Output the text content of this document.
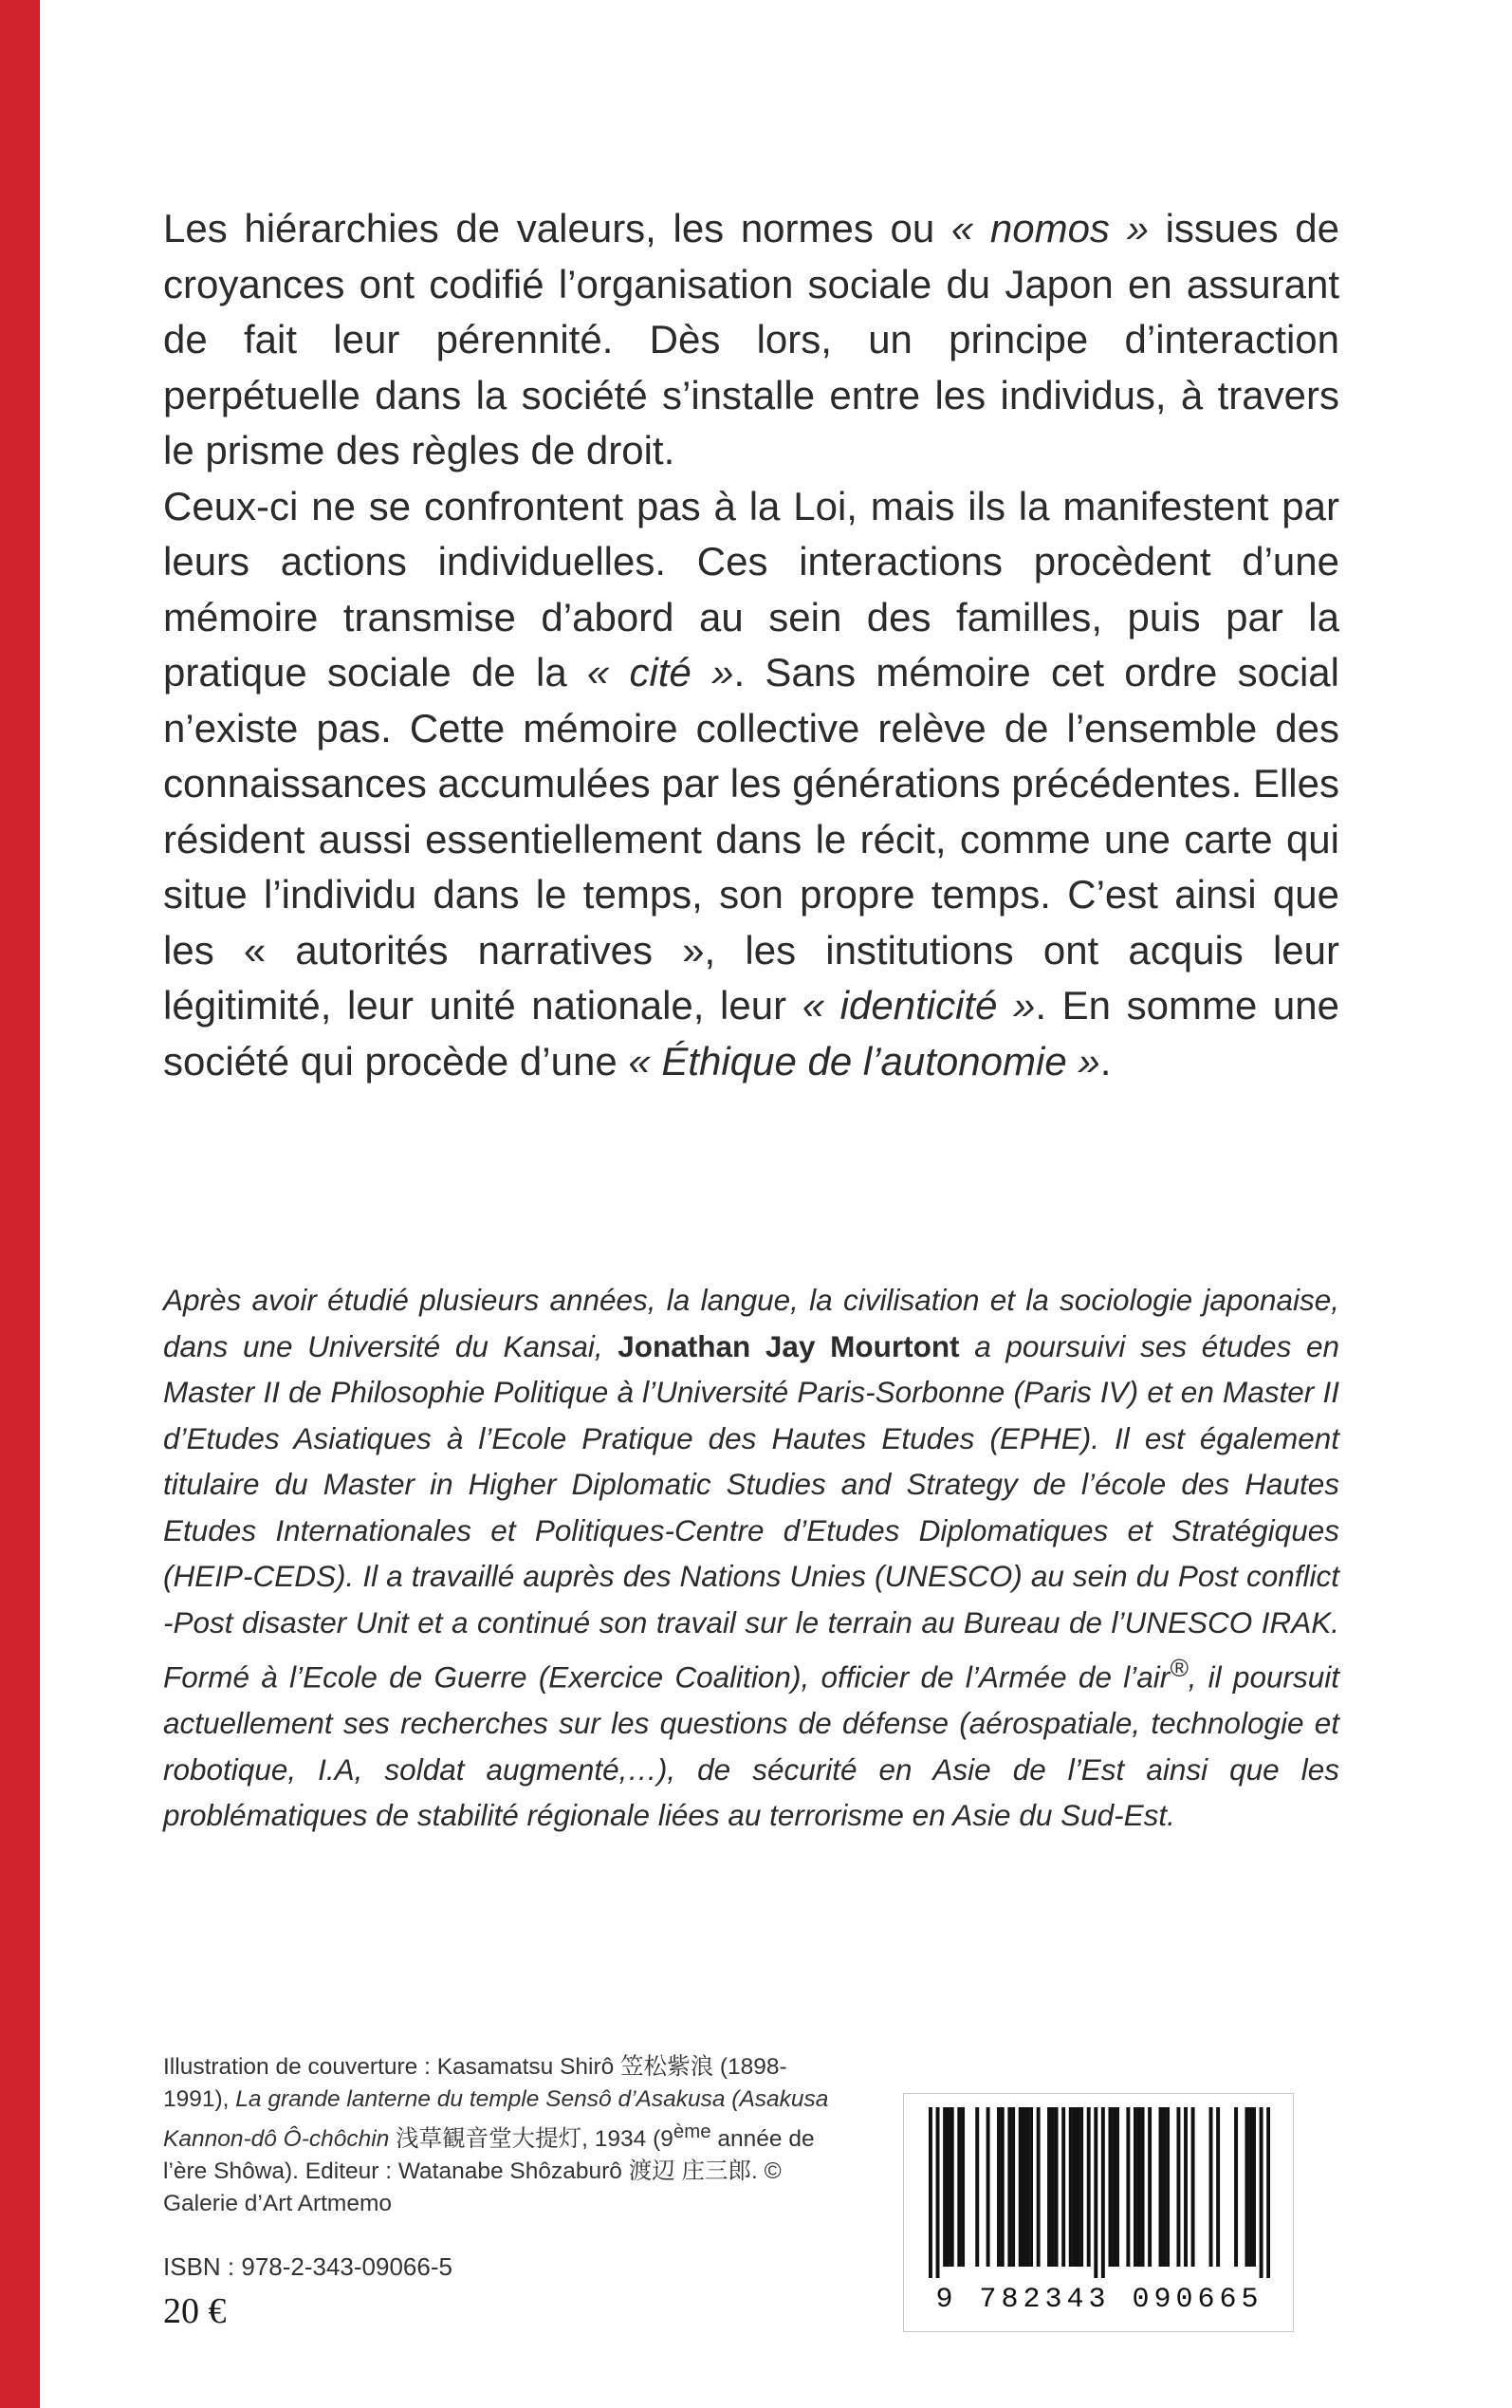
Les hiérarchies de valeurs, les normes ou « nomos » issues de croyances ont codifié l’organisation sociale du Japon en assurant de fait leur pérennité. Dès lors, un principe d’interaction perpétuelle dans la société s’installe entre les individus, à travers le prisme des règles de droit.

Ceux-ci ne se confrontent pas à la Loi, mais ils la manifestent par leurs actions individuelles. Ces interactions procèdent d’une mémoire transmise d’abord au sein des familles, puis par la pratique sociale de la « cité ». Sans mémoire cet ordre social n’existe pas. Cette mémoire collective relève de l’ensemble des connaissances accumulées par les générations précédentes. Elles résident aussi essentiellement dans le récit, comme une carte qui situe l’individu dans le temps, son propre temps. C’est ainsi que les « autorités narratives », les institutions ont acquis leur légitimité, leur unité nationale, leur « identicité ». En somme une société qui procède d’une « Éthique de l’autonomie ».

Après avoir étudié plusieurs années, la langue, la civilisation et la sociologie japonaise, dans une Université du Kansai, Jonathan Jay Mourtont a poursuivi ses études en Master II de Philosophie Politique à l’Université Paris-Sorbonne (Paris IV) et en Master II d’Etudes Asiatiques à l’Ecole Pratique des Hautes Etudes (EPHE). Il est également titulaire du Master in Higher Diplomatic Studies and Strategy de l’école des Hautes Etudes Internationales et Politiques-Centre d’Etudes Diplomatiques et Stratégiques (HEIP-CEDS). Il a travaillé auprès des Nations Unies (UNESCO) au sein du Post conflict -Post disaster Unit et a continué son travail sur le terrain au Bureau de l’UNESCO IRAK. Formé à l’Ecole de Guerre (Exercice Coalition), officier de l’Armée de l’air®, il poursuit actuellement ses recherches sur les questions de défense (aérospatiale, technologie et robotique, I.A, soldat augmenté,…), de sécurité en Asie de l’Est ainsi que les problématiques de stabilité régionale liées au terrorisme en Asie du Sud-Est.
Illustration de couverture : Kasamatsu Shirô 笠松紫浪 (1898-1991), La grande lanterne du temple Sensô d’Asakusa (Asakusa Kannon-dô Ô-chôchin 浅草観音堂大提灯, 1934 (9ème année de l’ère Shôwa). Editeur : Watanabe Shôzaburô 渡辺 庄三郎. © Galerie d’Art Artmemo
ISBN : 978-2-343-09066-5
20 €	9 782343 090665
